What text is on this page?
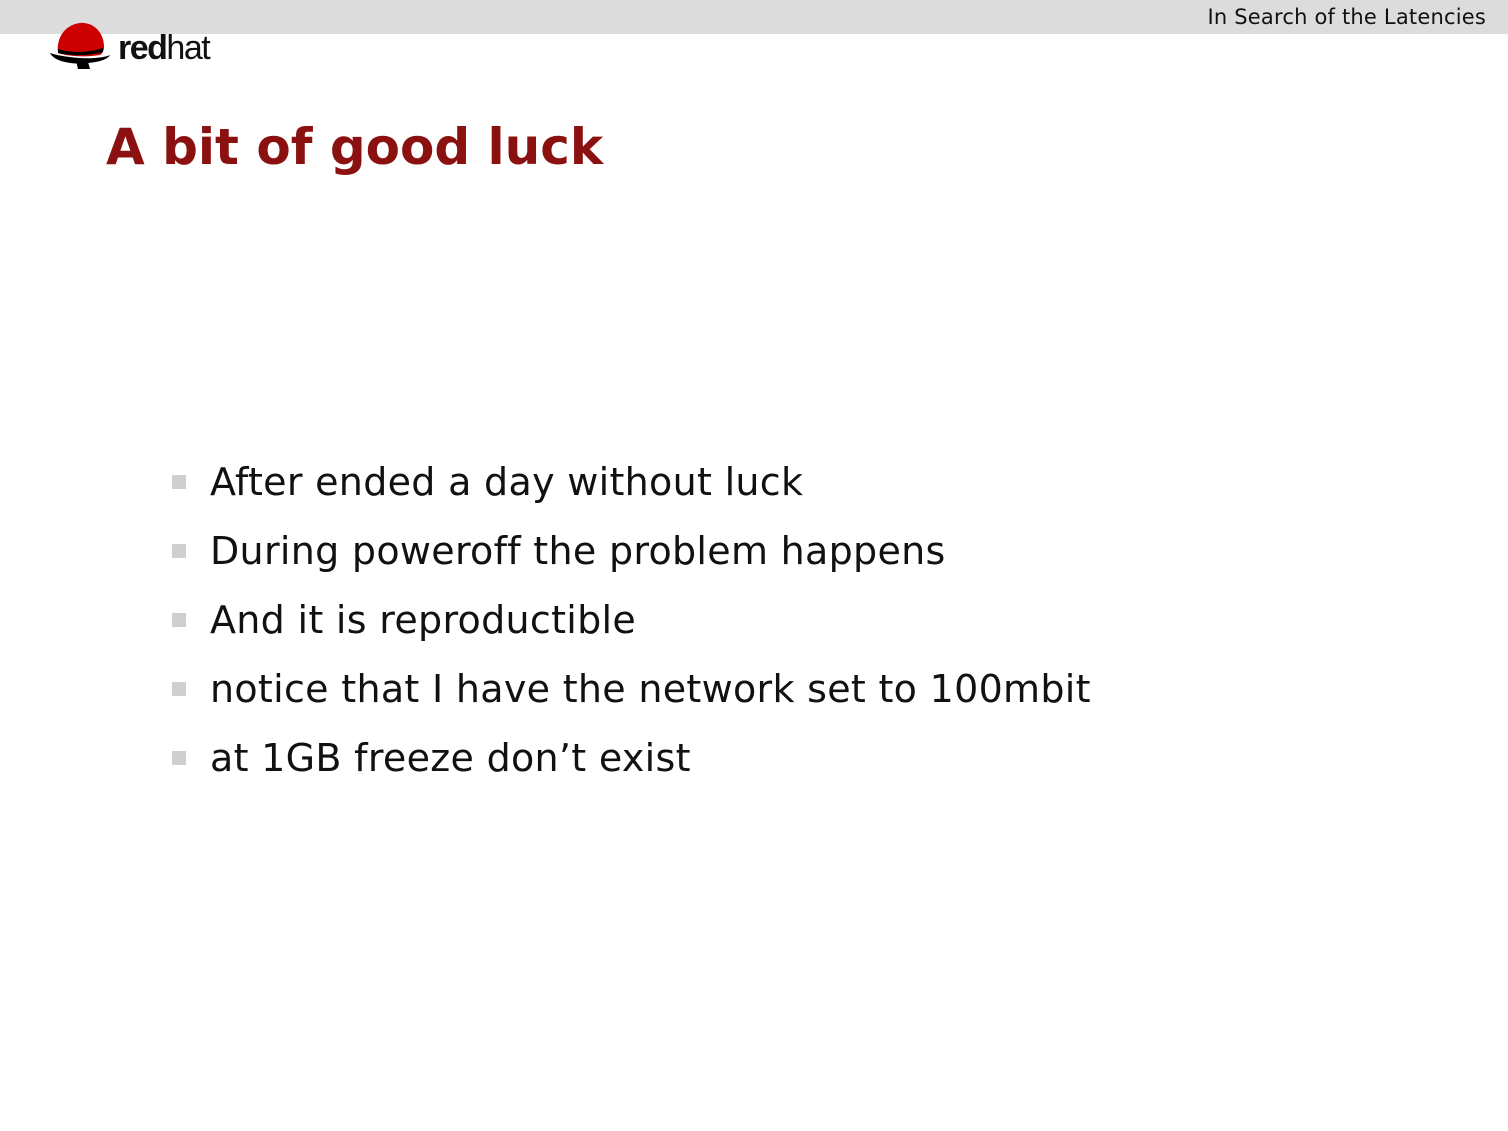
In Search of the Latencies
redhat
A bit of good luck
After ended a day without luck
During poweroff the problem happens
And it is reproductible
notice that I have the network set to 100mbit
at 1GB freeze don’t exist
